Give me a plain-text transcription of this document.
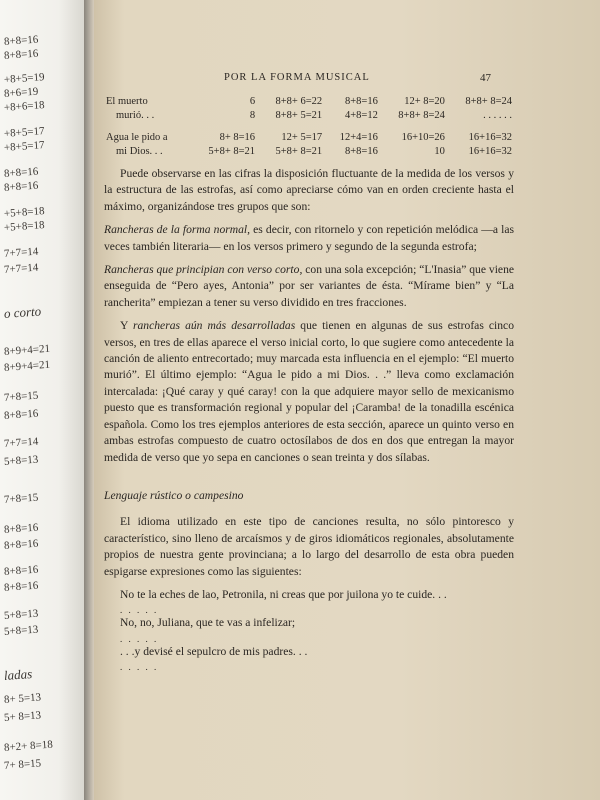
8+8=16
8+8=16
+8+5=19
8+6=19
+8+6=18
+8+5=17
+8+5=17
8+8=16
8+8=16
+5+8=18
+5+8=18
7+7=14
7+7=14
o corto
8+9+4=21
8+9+4=21
7+8=15
8+8=16
7+7=14
5+8=13
7+8=15
8+8=16
8+8=16
8+8=16
8+8=16
5+8=13
5+8=13
ladas
8+ 5=13
5+ 8=13
8+2+ 8=18
7+ 8=15
POR LA FORMA MUSICAL	47
El muerto	6	8+8+ 6=22	8+8=16	12+ 8=20	8+8+ 8=24
murió. . .	8	8+8+ 5=21	4+8=12	8+8+ 8=24	. . . . . .

Agua le pido a	8+ 8=16	12+ 5=17	12+4=16	16+10=26	16+16=32
mi Dios. . .	5+8+ 8=21	5+8+ 8=21	8+8=16	10	16+16=32

Puede observarse en las cifras la disposición fluctuante de la medida de los versos y la estructura de las estrofas, así como apreciarse cómo van en orden creciente hasta el máximo, organizándose tres grupos que son:

Rancheras de la forma normal, es decir, con ritornelo y con repetición melódica —a las veces también literaria— en los versos primero y segundo de la segunda estrofa;

Rancheras que principian con verso corto, con una sola excepción; “L'Inasia” que viene enseguida de “Pero ayes, Antonia” por ser variantes de ésta. “Mírame bien” y “La rancherita” empiezan a tener su verso dividido en tres fracciones.

Y rancheras aún más desarrolladas que tienen en algunas de sus estrofas cinco versos, en tres de ellas aparece el verso inicial corto, lo que sugiere como antecedente la canción de aliento entrecortado; muy marcada esta influencia en el ejemplo: “El muerto murió”. El último ejemplo: “Agua le pido a mi Dios. . .” lleva como exclamación intercalada: ¡Qué caray y qué caray! con la que adquiere mayor sello de mexicanismo puesto que es transformación regional y popular del ¡Caramba! de la tonadilla escénica española. Como los tres ejemplos anteriores de esta sección, aparece un quinto verso en ambas estrofas compuesto de cuatro octosílabos de dos en dos que entregan la mayor medida de verso que yo sepa en canciones o sean treinta y dos sílabas.

Lenguaje rústico o campesino

El idioma utilizado en este tipo de canciones resulta, no sólo pintoresco y característico, sino lleno de arcaísmos y de giros idiomáticos regionales, absolutamente propios de nuestra gente provinciana; a lo largo del desarrollo de esta obra pueden espigarse expresiones como las siguientes:

No te la eches de lao, Petronila, ni creas que por juilona yo te cuide. . .

. . . . .

No, no, Juliana, que te vas a infelizar;

. . . . .

. . .y devisé el sepulcro de mis padres. . .

. . . . .
